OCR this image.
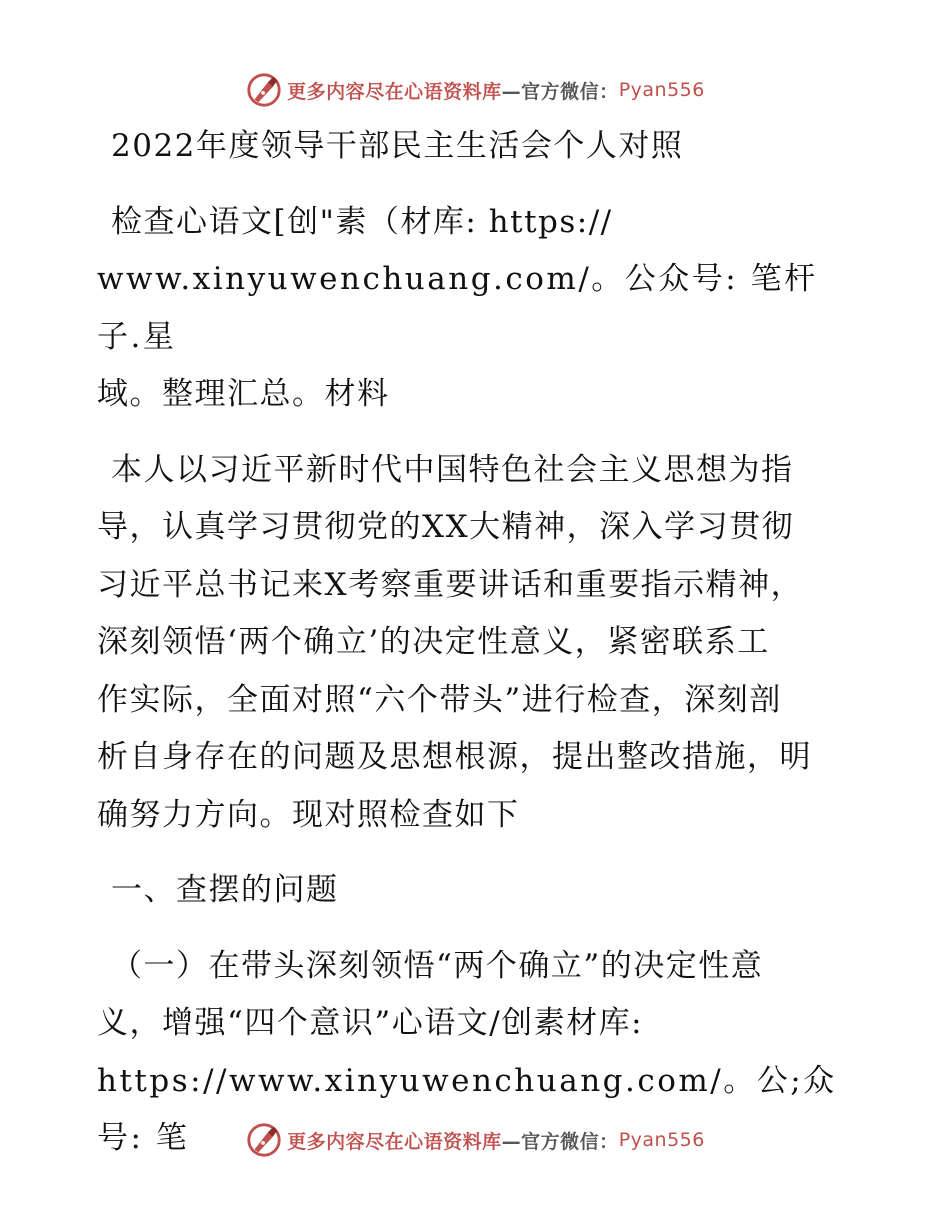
更多内容尽在心语资料库 —官方微信： Pyan556

2022年度领导干部民主生活会个人对照

检查心语文[创"素（材库: https://

www.xinyuwenchuang.com/。公众号: 笔杆子.星

域。整理汇总。材料

本人以习近平新时代中国特色社会主义思想为指

导，认真学习贯彻党的XX大精神，深入学习贯彻

习近平总书记来X考察重要讲话和重要指示精神，

深刻领悟‘两个确立’的决定性意义，紧密联系工

作实际，全面对照“六个带头”进行检查，深刻剖

析自身存在的问题及思想根源，提出整改措施，明

确努力方向。现对照检查如下

一、查摆的问题

（一）在带头深刻领悟“两个确立”的决定性意

义，增强“四个意识”心语文/创素材库:

https://www.xinyuwenchuang.com/。公;众号: 笔	更多内容尽在心语资料库 —官方微信： Pyan556
